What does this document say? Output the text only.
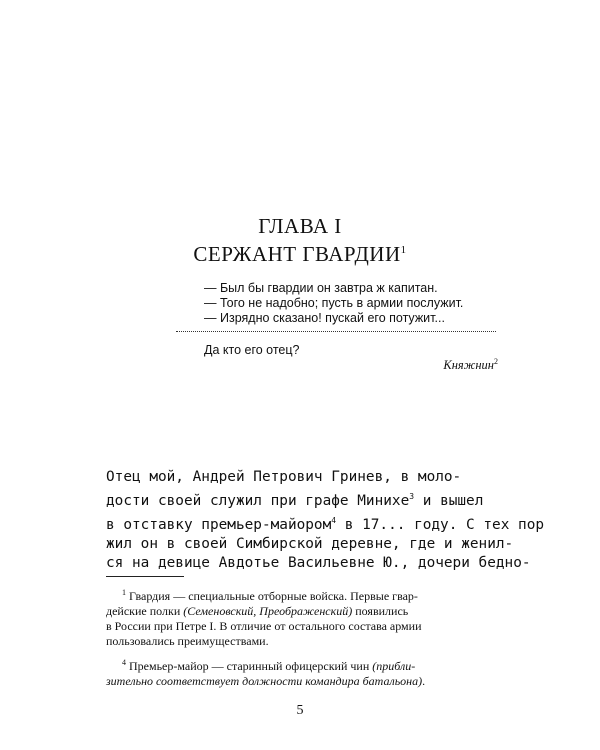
ГЛАВА I
СЕРЖАНТ ГВАРДИИ$^1$
— Был бы гвардии он завтра ж капитан.
— Того не надобно; пусть в армии послужит.
— Изрядно сказано! пускай его потужит...
Да кто его отец?
Княжнин$^2$
Отец мой, Андрей Петрович Гринев, в моло-
дости своей служил при графе Минихе$^3$ и вышел
в отставку премьер-майором$^4$ в 17... году. С тех пор
жил он в своей Симбирской деревне, где и женил-
ся на девице Авдотье Васильевне Ю., дочери бедно-
$^1$ Гвардия — специальные отборные войска. Первые гвар-
дейские полки (Семеновский, Преображенский) появились
в России при Петре I. В отличие от остального состава армии
пользовались преимуществами.
$^4$ Премьер-майор — старинный офицерский чин (прибли-
зительно соответствует должности командира батальона).
5
